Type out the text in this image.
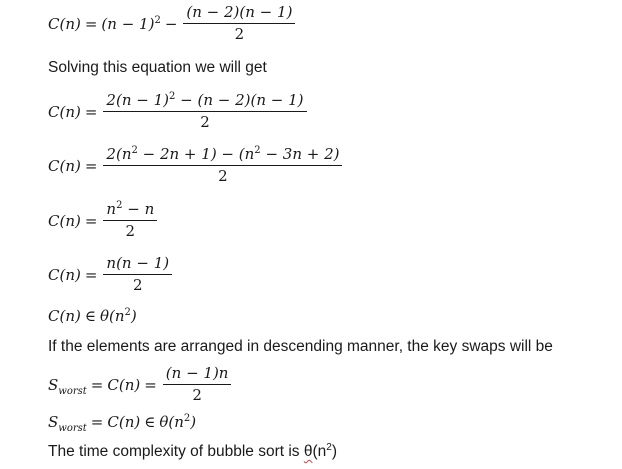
$C(n) = (n - 1)^2 - \frac{(n - 2)(n - 1)}{2}$
Solving this equation we will get
$C(n) = \frac{2(n - 1)^2 - (n - 2)(n - 1)}{2}$
$C(n) = \frac{2(n^2 - 2n + 1) - (n^2 - 3n + 2)}{2}$
$C(n) = \frac{n^2 - n}{2}$
$C(n) = \frac{n(n - 1)}{2}$
C(n) ∈ $\theta(n^2)$
If the elements are arranged in descending manner, the key swaps will be
$S_{worst} = C(n) = \frac{(n - 1)n}{2}$
$S_{worst} = C(n)$ ∈ $\theta(n^2)$
The time complexity of bubble sort is $\theta(n^2)$
